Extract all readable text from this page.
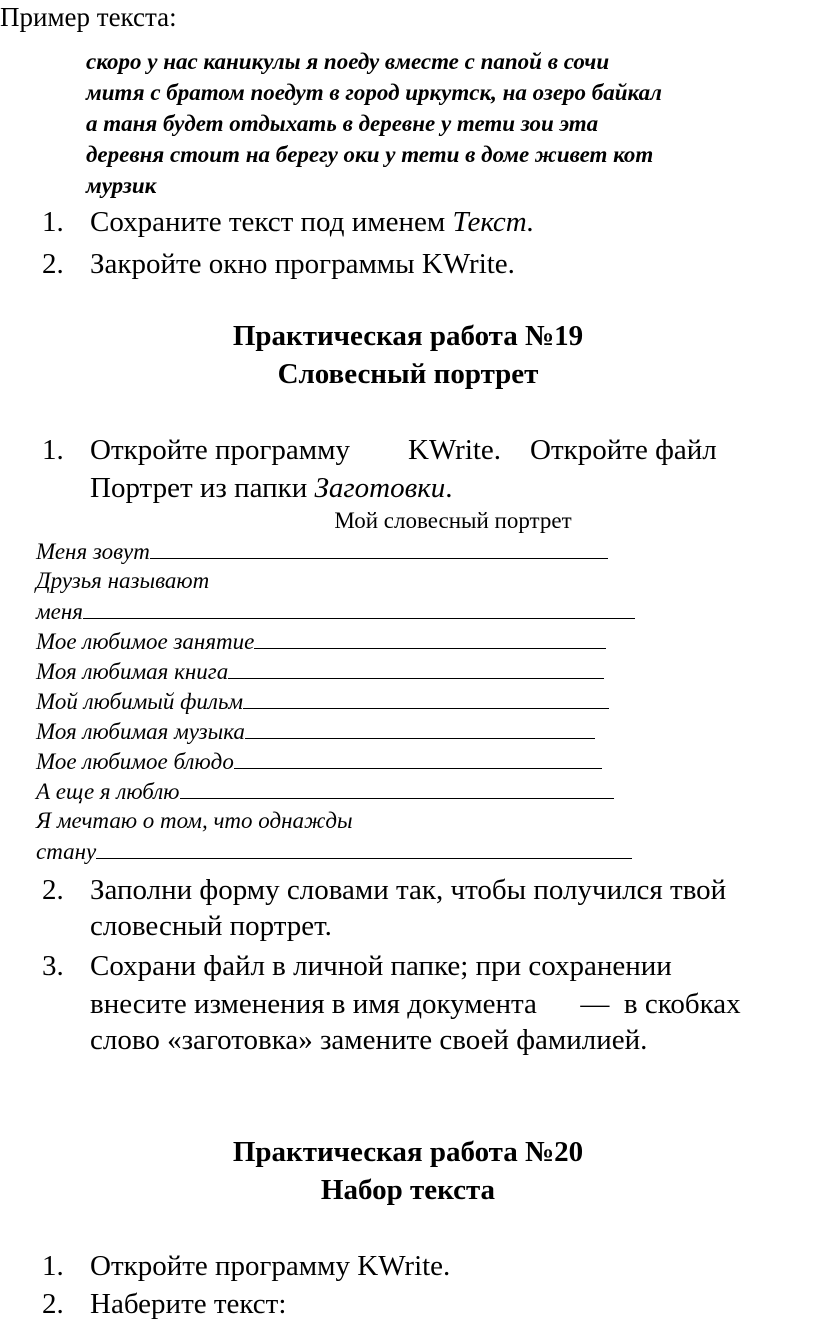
Пример текста:
скоро у нас каникулы я поеду вместе с папой в сочи
митя с братом поедут в город иркутск, на озеро байкал
а таня будет отдыхать в деревне у тети зои эта
деревня стоит на берегу оки у тети в доме живет кот
мурзик
1. Сохраните текст под именем Текст.
2. Закройте окно программы KWrite.
Практическая работа №19
Словесный портрет
1. Откройте программу        KWrite.    Откройте файл
Портрет из папки Заготовки.
Мой словесный портрет
Меня зовут
Друзья называют
меня
Мое любимое занятие
Моя любимая книга
Мой любимый фильм
Моя любимая музыка
Мое любимое блюдо
А еще я люблю
Я мечтаю о том, что однажды
стану
2. Заполни форму словами так, чтобы получился твой
словесный портрет.
3. Сохрани файл в личной папке; при сохранении
внесите изменения в имя документа      —  в скобках
слово «заготовка» замените своей фамилией.
Практическая работа №20
Набор текста
1. Откройте программу KWrite.
2. Наберите текст:
